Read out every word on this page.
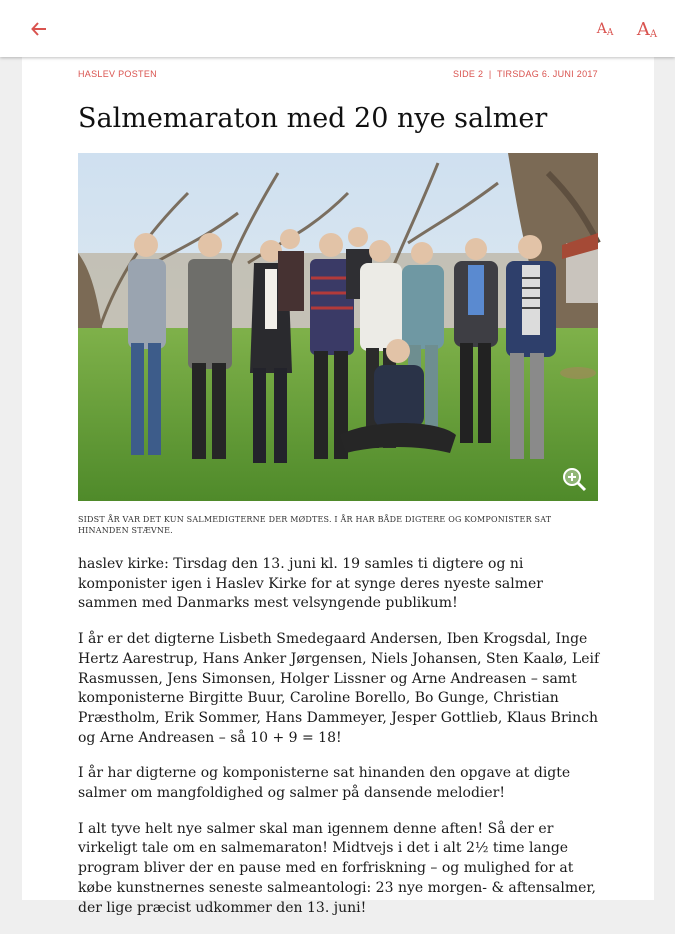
AA AA
HASLEV POSTEN	SIDE 2  |  TIRSDAG 6. JUNI 2017
Salmemaraton med 20 nye salmer
SIDST ÅR VAR DET KUN SALMEDIGTERNE DER MØDTES. I ÅR HAR BÅDE DIGTERE OG KOMPONISTER SAT HINANDEN STÆVNE.

haslev kirke: Tirsdag den 13. juni kl. 19 samles ti digtere og ni komponister igen i Haslev Kirke for at synge deres nyeste salmer sammen med Danmarks mest velsyngende publikum!

I år er det digterne Lisbeth Smedegaard Andersen, Iben Krogsdal, Inge Hertz Aarestrup, Hans Anker Jørgensen, Niels Johansen, Sten Kaalø, Leif Rasmussen, Jens Simonsen, Holger Lissner og Arne Andreasen – samt komponisterne Birgitte Buur, Caroline Borello, Bo Gunge, Christian Præstholm, Erik Sommer, Hans Dammeyer, Jesper Gottlieb, Klaus Brinch og Arne Andreasen – så 10 + 9 = 18!

I år har digterne og komponisterne sat hinanden den opgave at digte salmer om mangfoldighed og salmer på dansende melodier!

I alt tyve helt nye salmer skal man igennem denne aften! Så der er virkeligt tale om en salmemaraton! Midtvejs i det i alt 2½ time lange program bliver der en pause med en forfriskning – og mulighed for at købe kunstnernes seneste salmeantologi: 23 nye morgen- & aftensalmer, der lige præcist udkommer den 13. juni!
